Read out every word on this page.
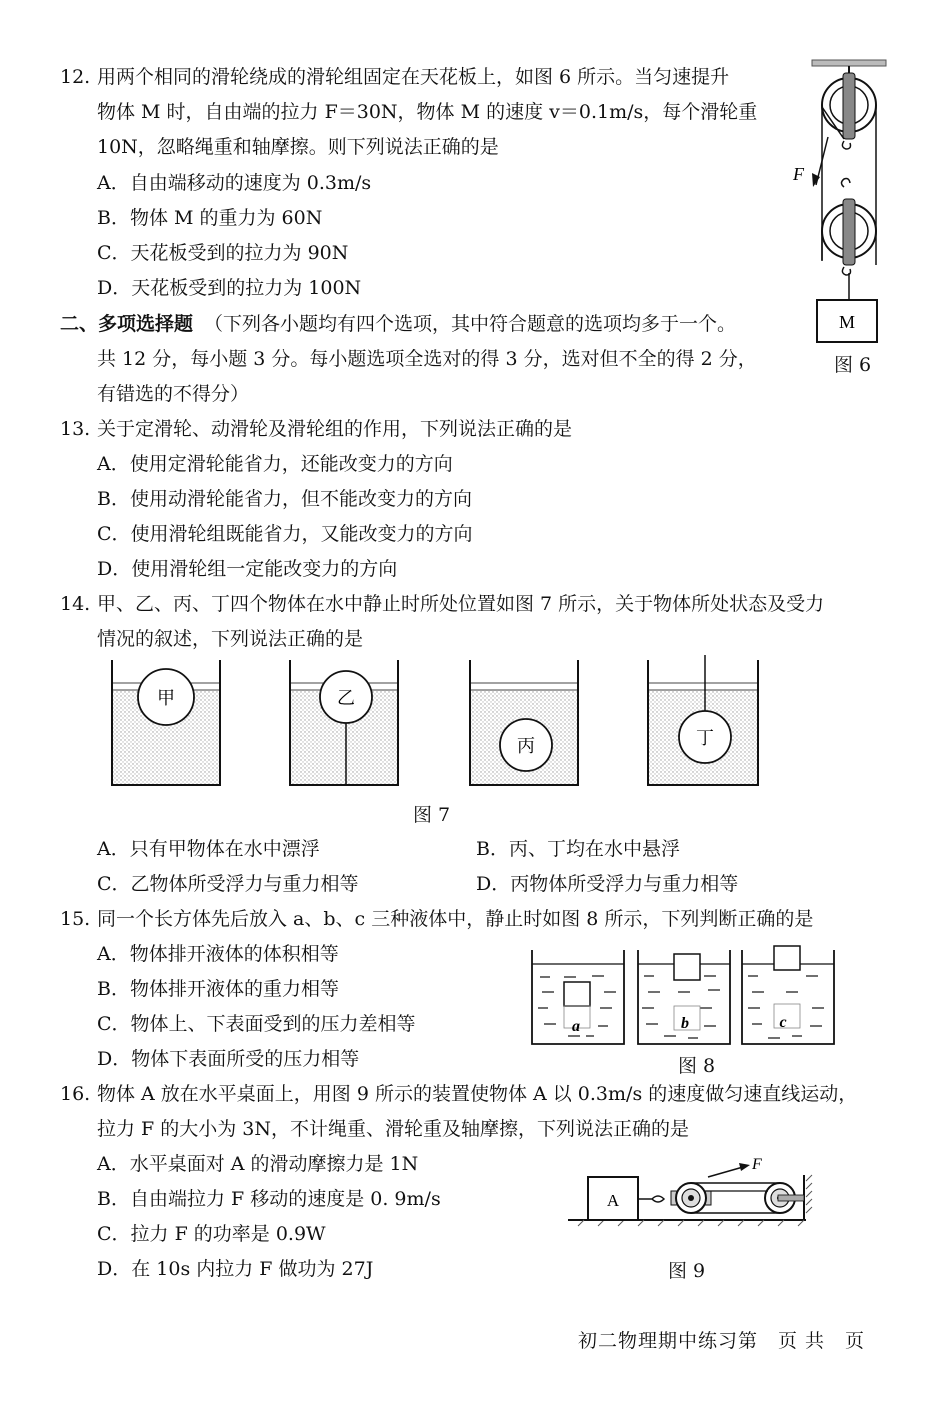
12. 用两个相同的滑轮绕成的滑轮组固定在天花板上，如图 6 所示。当匀速提升
物体 M 时，自由端的拉力 F＝30N，物体 M 的速度 v＝0.1m/s，每个滑轮重
10N，忽略绳重和轴摩擦。则下列说法正确的是
A．自由端移动的速度为 0.3m/s
B．物体 M 的重力为 60N
C．天花板受到的拉力为 90N
D．天花板受到的拉力为 100N
F
M
图 6
二、多项选择题 （下列各小题均有四个选项，其中符合题意的选项均多于一个。
共 12 分，每小题 3 分。每小题选项全选对的得 3 分，选对但不全的得 2 分，
有错选的不得分）
13. 关于定滑轮、动滑轮及滑轮组的作用，下列说法正确的是
A．使用定滑轮能省力，还能改变力的方向
B．使用动滑轮能省力，但不能改变力的方向
C．使用滑轮组既能省力，又能改变力的方向
D．使用滑轮组一定能改变力的方向
14. 甲、乙、丙、丁四个物体在水中静止时所处位置如图 7 所示，关于物体所处状态及受力
情况的叙述，下列说法正确的是
甲	乙
丙	丁
图 7
A．只有甲物体在水中漂浮	B．丙、丁均在水中悬浮
C．乙物体所受浮力与重力相等	D．丙物体所受浮力与重力相等
15. 同一个长方体先后放入 a、b、c 三种液体中，静止时如图 8 所示，下列判断正确的是
A．物体排开液体的体积相等
B．物体排开液体的重力相等
C．物体上、下表面受到的压力差相等
D．物体下表面所受的压力相等
a	b	c
图 8
16. 物体 A 放在水平桌面上，用图 9 所示的装置使物体 A 以 0.3m/s 的速度做匀速直线运动，
拉力 F 的大小为 3N，不计绳重、滑轮重及轴摩擦，下列说法正确的是
A．水平桌面对 A 的滑动摩擦力是 1N
B．自由端拉力 F 移动的速度是 0. 9m/s
C．拉力 F 的功率是 0.9W
D．在 10s 内拉力 F 做功为 27J
A
F
图 9
初二物理期中练习第　页 共　页
